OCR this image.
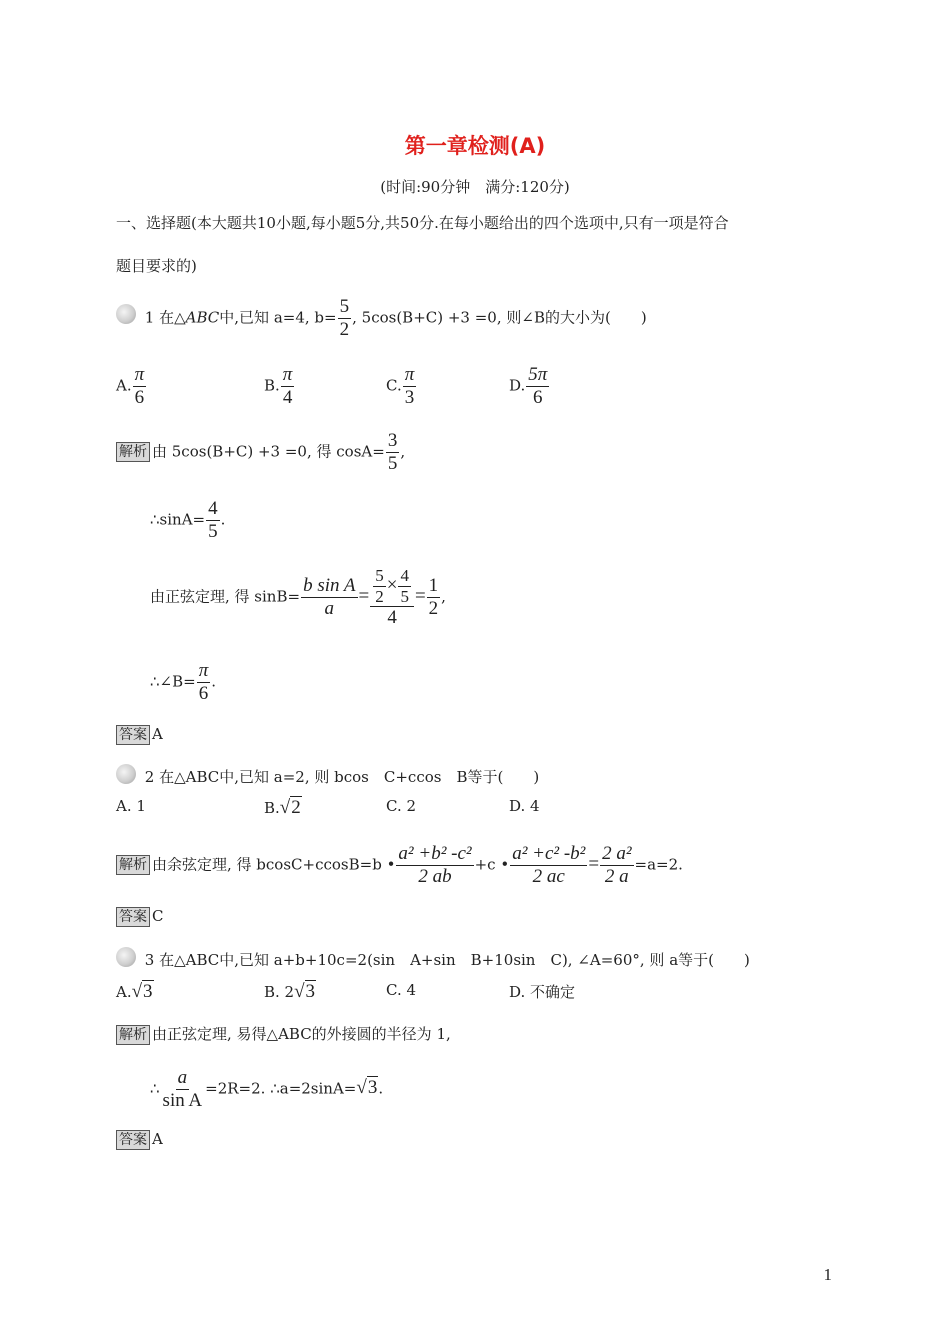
第一章检测(A)
(时间:90分钟　满分:120分)
一、选择题(本大题共10小题,每小题5分,共50分.在每小题给出的四个选项中,只有一项是符合
题目要求的)
1 在△ABC中,已知 a=4, $b= \frac{5}{2}$ , 5cos(B+C) +3 =0, 则∠B的大小为(　　)
A. $\frac{\pi}{6}$	B. $\frac{\pi}{4}$	C. $\frac{\pi}{3}$	D. $\frac{5\pi}{6}$
解析 由 5cos(B+C) +3 =0, 得 $\cos A= \frac{3}{5}$ ,
∴sinA= $\frac{4}{5}$ .
由正弦定理, 得 $\sin B= \frac{\text{b sin A}}{a} = \frac{\frac{5}{2} \times \frac{4}{5}}{4} = \frac{1}{2}$ ,
∴∠B= $\frac{\pi}{6}$ .
答案 A
2 在△ABC中,已知 a=2, 则 bcos　C+ccos　B等于(　　)
A. 1	B.√2	C. 2	D. 4
解析 由余弦定理, 得 bcosC+ccosB=b • $\frac{\text{a² +b² -c²}}{2 ab} +c$ • $\frac{\text{a² +c² -b²}}{2 ac} = \frac{\text{2 a²}}{2 a} =a=2$.
答案 C
3 在△ABC中,已知 a+b+10c=2(sin　A+sin　B+10sin　C), ∠A=60°, 则 a等于(　　)
A.√3	B. 2√3	C. 4	D. 不确定
解析 由正弦定理, 易得△ABC的外接圆的半径为 1,
∴ $\frac{a}{\text{sin A}} =2R=2$. ∴a=2sinA=√3.
答案 A
1
